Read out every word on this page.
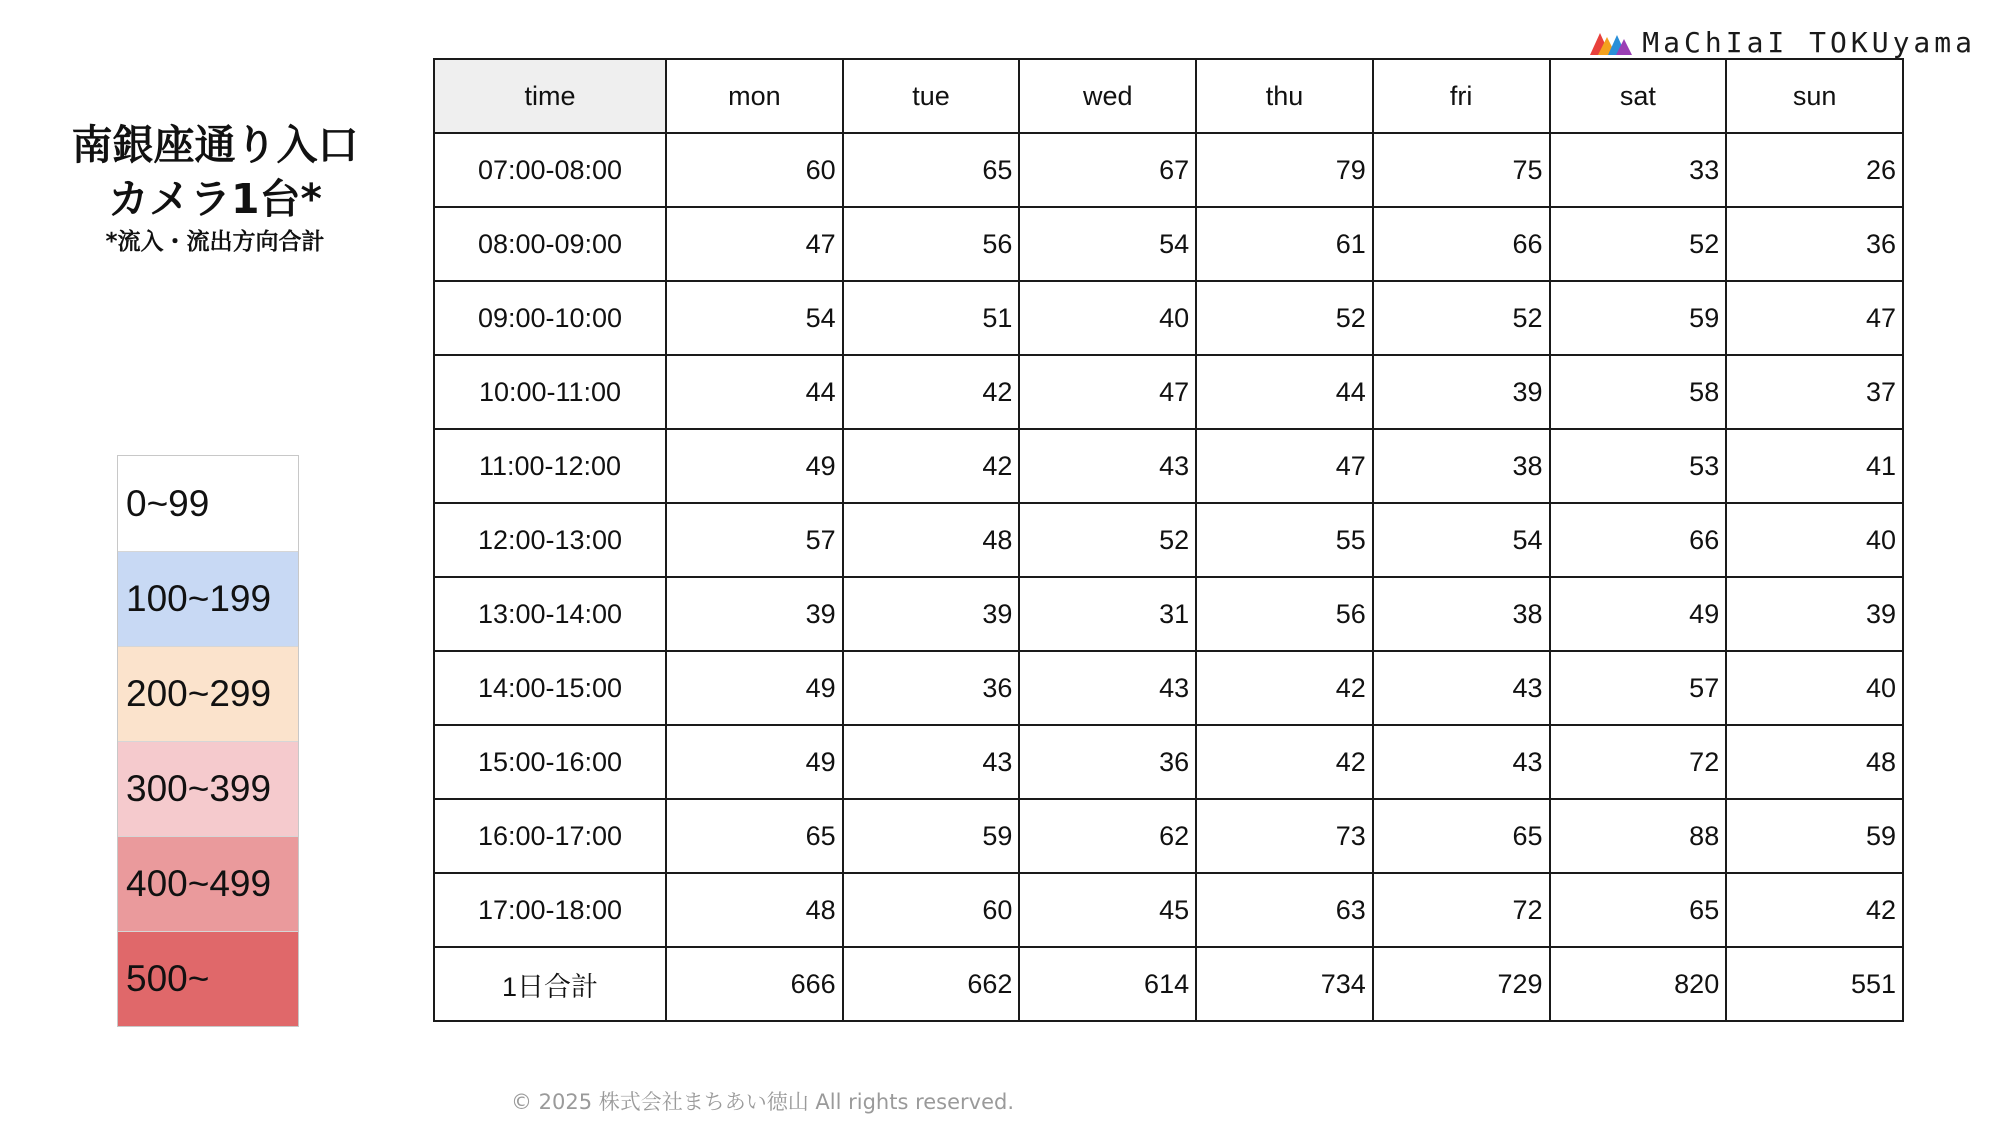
MaChIaI TOKUyama
南銀座通り入口
カメラ1台*
*流入・流出方向合計
0~99
100~199
200~299
300~399
400~499
500~
time	mon	tue	wed	thu	fri	sat	sun
07:00-08:00	60	65	67	79	75	33	26
08:00-09:00	47	56	54	61	66	52	36
09:00-10:00	54	51	40	52	52	59	47
10:00-11:00	44	42	47	44	39	58	37
11:00-12:00	49	42	43	47	38	53	41
12:00-13:00	57	48	52	55	54	66	40
13:00-14:00	39	39	31	56	38	49	39
14:00-15:00	49	36	43	42	43	57	40
15:00-16:00	49	43	36	42	43	72	48
16:00-17:00	65	59	62	73	65	88	59
17:00-18:00	48	60	45	63	72	65	42
1日合計	666	662	614	734	729	820	551
© 2025 株式会社まちあい徳山 All rights reserved.
